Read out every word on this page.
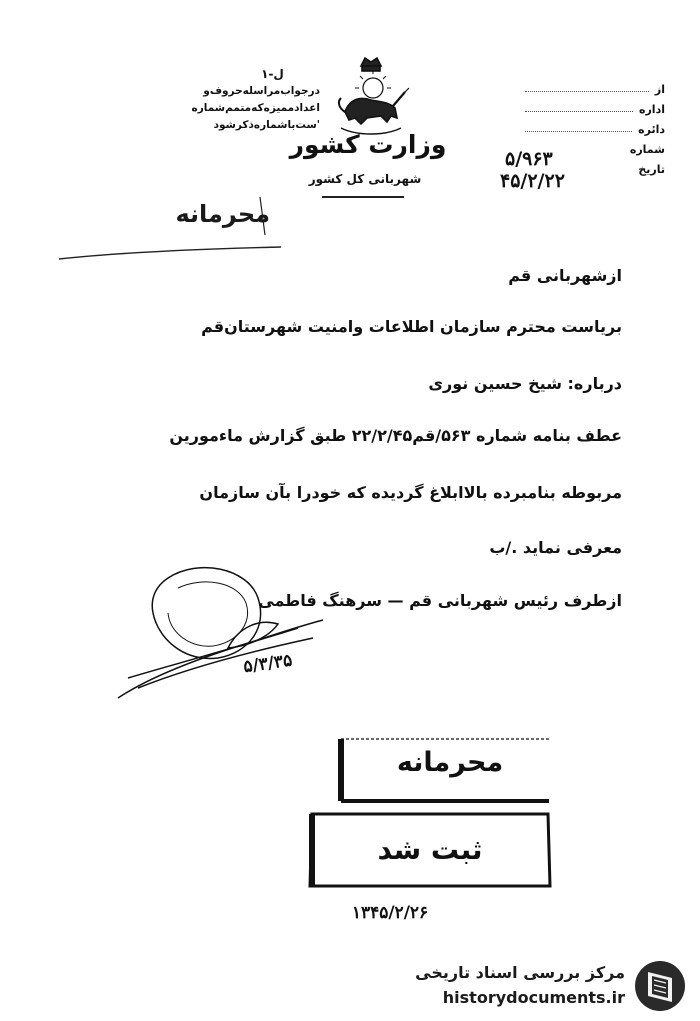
ل-۱
درجواب‌مراسله‌حروف‌و
اعدادممیزه‌که‌متمم‌شماره
'ست‌باشماره‌ذکرشود
وزارت کشور
شهربانی کل کشور
از
اداره
دائره
شماره
تاریخ
۵/۹۶۳
۴۵/۲/۲۲
محرمانه
ازشهربانی قم
بریاست محترم سازمان اطلاعات وامنیت شهرستان‌قم
درباره: شیخ حسین نوری
عطف بنامه شماره ۵۶۳/قم۲۲/۲/۴۵ طبق گزارش ماءمورین
مربوطه بنامبرده بالاابلاغ گردیده که خودرا بآن سازمان
معرفی نماید ./ب
ازطرف رئیس شهربانی قم — سرهنگ فاطمی
۵/۳/۳۵
محرمانه
ثبت شد
۱۳۴۵/۲/۲۶
مرکز بررسی اسناد تاریخی
historydocuments.ir
